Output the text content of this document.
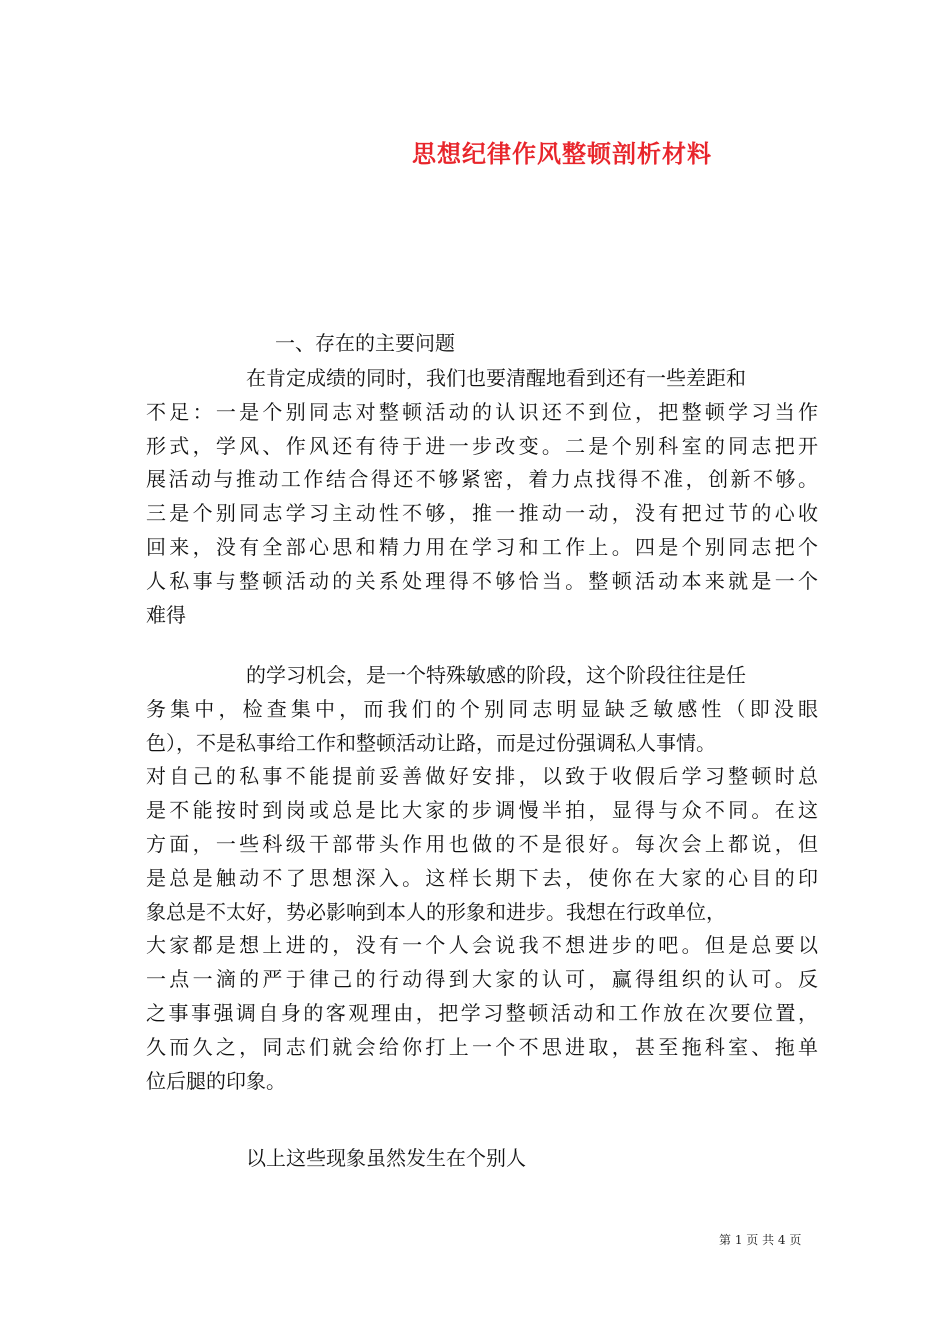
思想纪律作风整顿剖析材料

一、存在的主要问题

在肯定成绩的同时，我们也要清醒地看到还有一些差距和
不足：一是个别同志对整顿活动的认识还不到位，把整顿学习当作
形式，学风、作风还有待于进一步改变。二是个别科室的同志把开
展活动与推动工作结合得还不够紧密，着力点找得不准，创新不够。
三是个别同志学习主动性不够，推一推动一动，没有把过节的心收
回来，没有全部心思和精力用在学习和工作上。四是个别同志把个
人私事与整顿活动的关系处理得不够恰当。整顿活动本来就是一个
难得
的学习机会，是一个特殊敏感的阶段，这个阶段往往是任
务集中，检查集中，而我们的个别同志明显缺乏敏感性（即没眼
色），不是私事给工作和整顿活动让路，而是过份强调私人事情。
对自己的私事不能提前妥善做好安排，以致于收假后学习整顿时总
是不能按时到岗或总是比大家的步调慢半拍，显得与众不同。在这
方面，一些科级干部带头作用也做的不是很好。每次会上都说，但
是总是触动不了思想深入。这样长期下去，使你在大家的心目的印
象总是不太好，势必影响到本人的形象和进步。我想在行政单位，
大家都是想上进的，没有一个人会说我不想进步的吧。但是总要以
一点一滴的严于律己的行动得到大家的认可，赢得组织的认可。反
之事事强调自身的客观理由，把学习整顿活动和工作放在次要位置，
久而久之，同志们就会给你打上一个不思进取，甚至拖科室、拖单
位后腿的印象。
以上这些现象虽然发生在个别人

第 1 页 共 4 页
